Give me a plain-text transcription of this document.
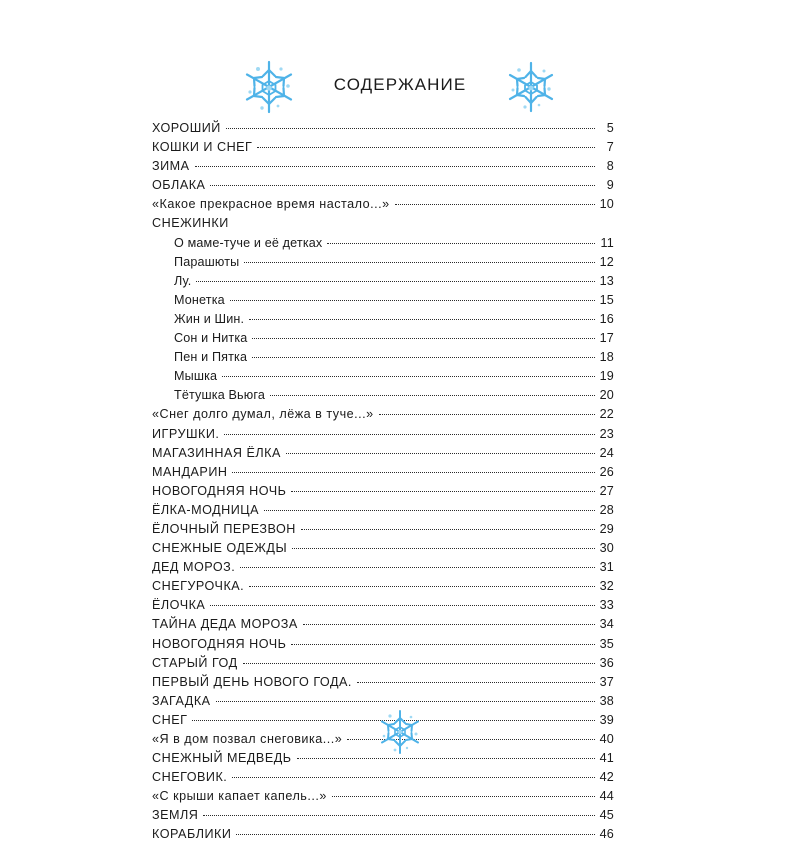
СОДЕРЖАНИЕ
ХОРОШИЙ	5
КОШКИ И СНЕГ	7
ЗИМА	8
ОБЛАКА	9
«Какое прекрасное время настало...»	10
СНЕЖИНКИ
О маме-туче и её детках	11
Парашюты	12
Лу.	13
Монетка	15
Жин и Шин.	16
Сон и Нитка	17
Пен и Пятка	18
Мышка	19
Тётушка Вьюга	20
«Снег долго думал, лёжа в туче...»	22
ИГРУШКИ.	23
МАГАЗИННАЯ ЁЛКА	24
МАНДАРИН	26
НОВОГОДНЯЯ НОЧЬ	27
ЁЛКА-МОДНИЦА	28
ЁЛОЧНЫЙ ПЕРЕЗВОН	29
СНЕЖНЫЕ ОДЕЖДЫ	30
ДЕД МОРОЗ.	31
СНЕГУРОЧКА.	32
ЁЛОЧКА	33
ТАЙНА ДЕДА МОРОЗА	34
НОВОГОДНЯЯ НОЧЬ	35
СТАРЫЙ ГОД	36
ПЕРВЫЙ ДЕНЬ НОВОГО ГОДА.	37
ЗАГАДКА	38
СНЕГ	39
«Я в дом позвал снеговика...»	40
СНЕЖНЫЙ МЕДВЕДЬ	41
СНЕГОВИК.	42
«С крыши капает капель...»	44
ЗЕМЛЯ	45
КОРАБЛИКИ	46
